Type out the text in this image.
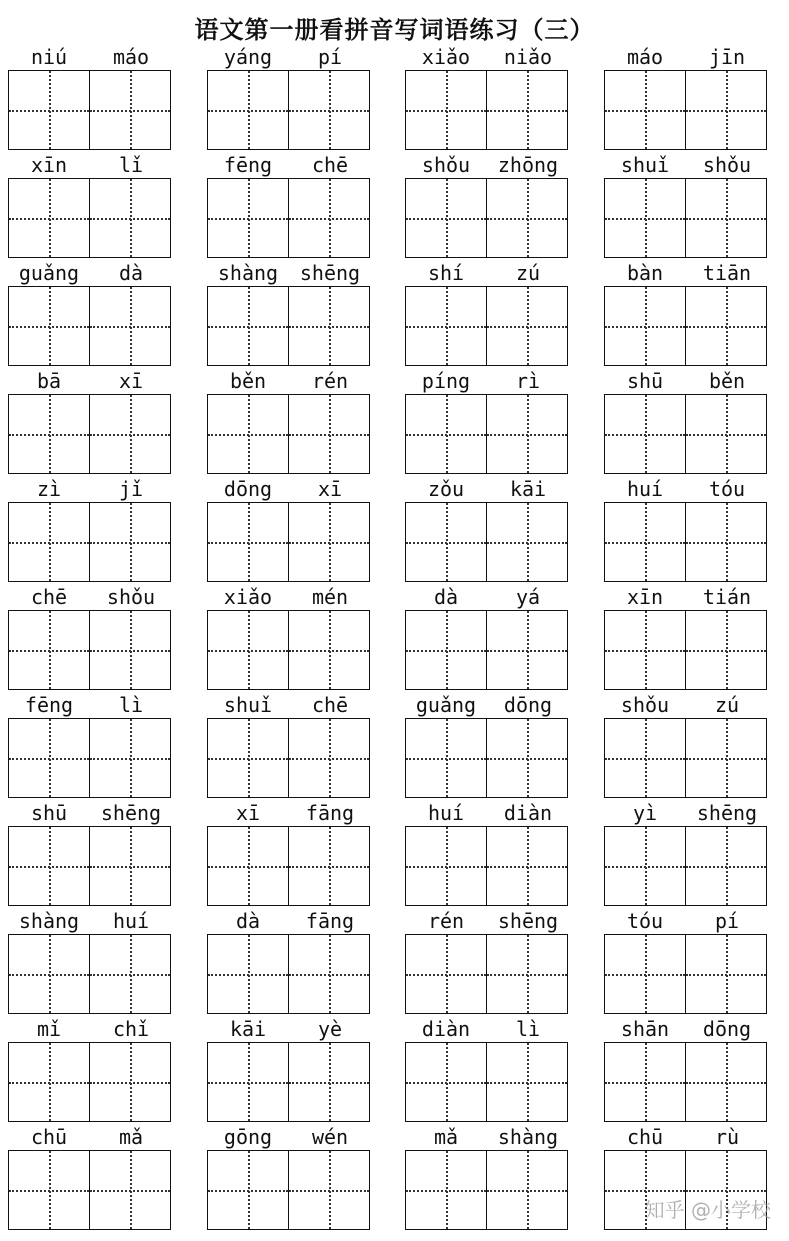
语文第一册看拼音写词语练习（三）
niú	máo	yáng	pí	xiǎo	niǎo	máo	jīn
xīn	lǐ	fēng	chē	shǒu	zhōng	shuǐ	shǒu
guǎng	dà	shàng	shēng	shí	zú	bàn	tiān
bā	xī	běn	rén	píng	rì	shū	běn
zì	jǐ	dōng	xī	zǒu	kāi	huí	tóu
chē	shǒu	xiǎo	mén	dà	yá	xīn	tián
fēng	lì	shuǐ	chē	guǎng	dōng	shǒu	zú
shū	shēng	xī	fāng	huí	diàn	yì	shēng
shàng	huí	dà	fāng	rén	shēng	tóu	pí
mǐ	chǐ	kāi	yè	diàn	lì	shān	dōng
chū	mǎ	gōng	wén	mǎ	shàng	chū	rù
知乎 @小学校
